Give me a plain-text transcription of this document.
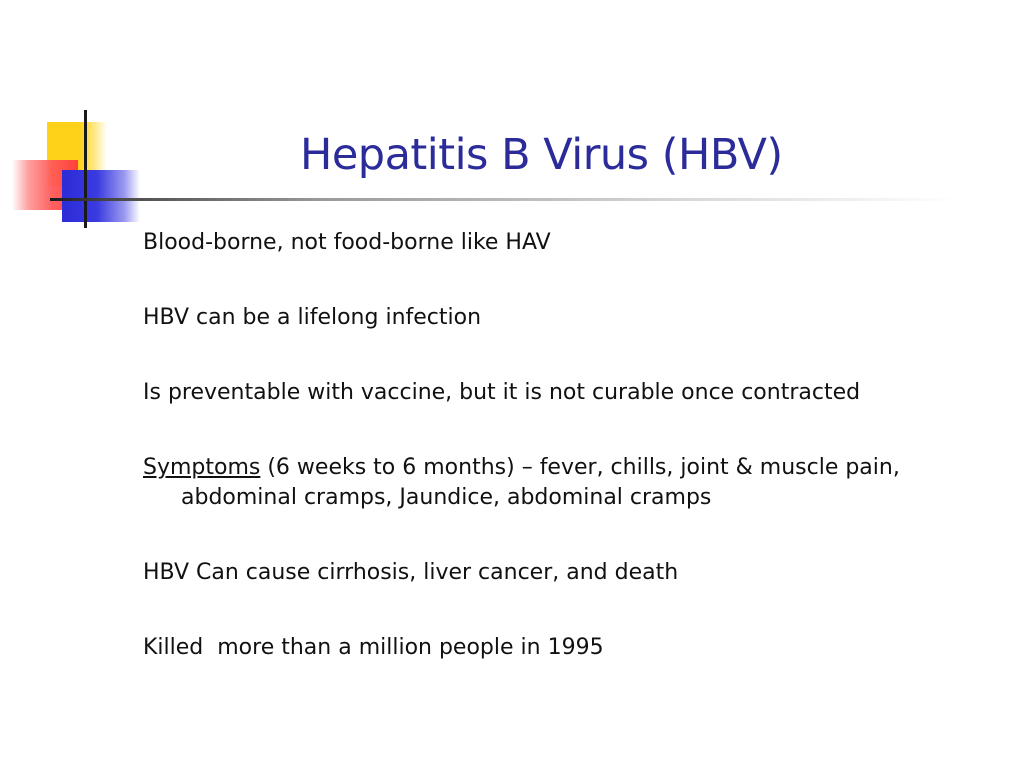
Hepatitis B Virus (HBV)
Blood-borne, not food-borne like HAV
HBV can be a lifelong infection
Is preventable with vaccine, but it is not curable once contracted
Symptoms (6 weeks to 6 months) – fever, chills, joint & muscle pain, abdominal cramps, Jaundice, abdominal cramps
HBV Can cause cirrhosis, liver cancer, and death
Killed  more than a million people in 1995
